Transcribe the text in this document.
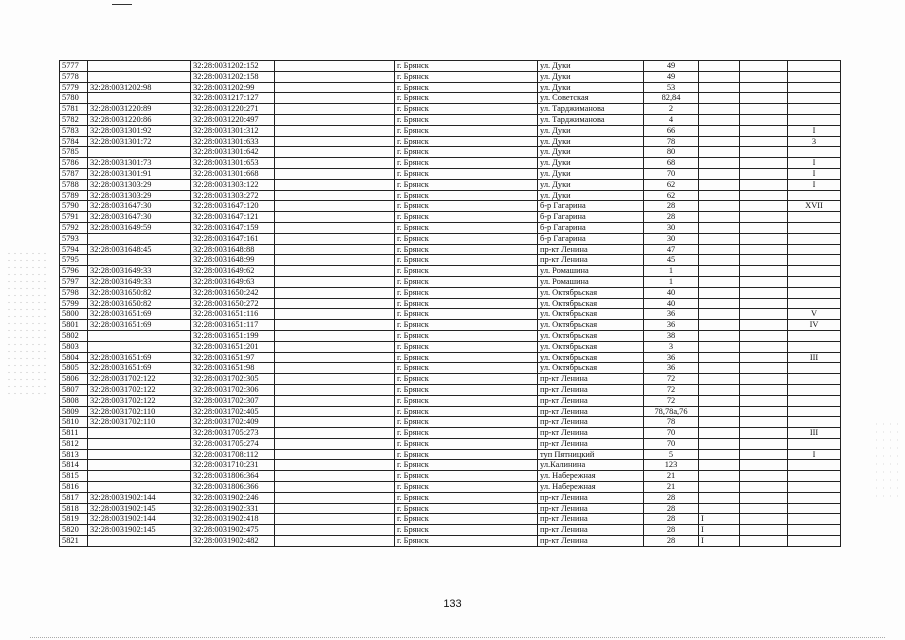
5777		32:28:0031202:152		г. Брянск	ул. Дуки	49			
5778		32:28:0031202:158		г. Брянск	ул. Дуки	49			
5779	32:28:0031202:98	32:28:0031202:99		г. Брянск	ул. Дуки	53			
5780		32:28:0031217:127		г. Брянск	ул. Советская	82,84			
5781	32:28:0031220:89	32:28:0031220:271		г. Брянск	ул. Тарджиманова	2			
5782	32:28:0031220:86	32:28:0031220:497		г. Брянск	ул. Тарджиманова	4			
5783	32:28:0031301:92	32:28:0031301:312		г. Брянск	ул. Дуки	66			I
5784	32:28:0031301:72	32:28:0031301:633		г. Брянск	ул. Дуки	78			3
5785		32:28:0031301:642		г. Брянск	ул. Дуки	80			
5786	32:28:0031301:73	32:28:0031301:653		г. Брянск	ул. Дуки	68			I
5787	32:28:0031301:91	32:28:0031301:668		г. Брянск	ул. Дуки	70			I
5788	32:28:0031303:29	32:28:0031303:122		г. Брянск	ул. Дуки	62			I
5789	32:28:0031303:29	32:28:0031303:272		г. Брянск	ул. Дуки	62			
5790	32:28:0031647:30	32:28:0031647:120		г. Брянск	б-р Гагарина	28			XVII
5791	32:28:0031647:30	32:28:0031647:121		г. Брянск	б-р Гагарина	28			
5792	32:28:0031649:59	32:28:0031647:159		г. Брянск	б-р Гагарина	30			
5793		32:28:0031647:161		г. Брянск	б-р Гагарина	30			
5794	32:28:0031648:45	32:28:0031648:88		г. Брянск	пр-кт Ленина	47			
5795		32:28:0031648:99		г. Брянск	пр-кт Ленина	45			
5796	32:28:0031649:33	32:28:0031649:62		г. Брянск	ул. Ромашина	1			
5797	32:28:0031649:33	32:28:0031649:63		г. Брянск	ул. Ромашина	1			
5798	32:28:0031650:82	32:28:0031650:242		г. Брянск	ул. Октябрьская	40			
5799	32:28:0031650:82	32:28:0031650:272		г. Брянск	ул. Октябрьская	40			
5800	32:28:0031651:69	32:28:0031651:116		г. Брянск	ул. Октябрьская	36			V
5801	32:28:0031651:69	32:28:0031651:117		г. Брянск	ул. Октябрьская	36			IV
5802		32:28:0031651:199		г. Брянск	ул. Октябрьская	38			
5803		32:28:0031651:201		г. Брянск	ул. Октябрьская	3			
5804	32:28:0031651:69	32:28:0031651:97		г. Брянск	ул. Октябрьская	36			III
5805	32:28:0031651:69	32:28:0031651:98		г. Брянск	ул. Октябрьская	36			
5806	32:28:0031702:122	32:28:0031702:305		г. Брянск	пр-кт Ленина	72			
5807	32:28:0031702:122	32:28:0031702:306		г. Брянск	пр-кт Ленина	72			
5808	32:28:0031702:122	32:28:0031702:307		г. Брянск	пр-кт Ленина	72			
5809	32:28:0031702:110	32:28:0031702:405		г. Брянск	пр-кт Ленина	78,78а,76			
5810	32:28:0031702:110	32:28:0031702:409		г. Брянск	пр-кт Ленина	78			
5811		32:28:0031705:273		г. Брянск	пр-кт Ленина	70			III
5812		32:28:0031705:274		г. Брянск	пр-кт Ленина	70			
5813		32:28:0031708:112		г. Брянск	туп Пятницкий	5			I
5814		32:28:0031710:231		г. Брянск	ул.Калинина	123			
5815		32:28:0031806:364		г. Брянск	ул. Набережная	21			
5816		32:28:0031806:366		г. Брянск	ул. Набережная	21			
5817	32:28:0031902:144	32:28:0031902:246		г. Брянск	пр-кт Ленина	28			
5818	32:28:0031902:145	32:28:0031902:331		г. Брянск	пр-кт Ленина	28			
5819	32:28:0031902:144	32:28:0031902:418		г. Брянск	пр-кт Ленина	28	I		
5820	32:28:0031902:145	32:28:0031902:475		г. Брянск	пр-кт Ленина	28	I		
5821		32:28:0031902:482		г. Брянск	пр-кт Ленина	28	I		
133
